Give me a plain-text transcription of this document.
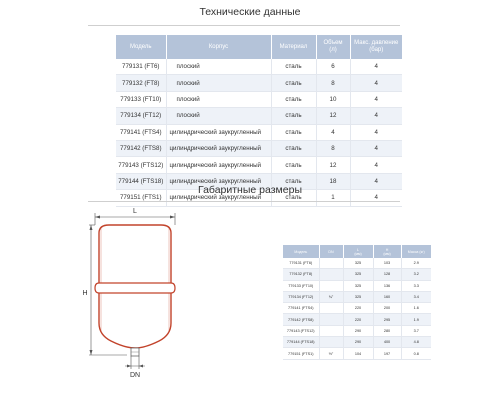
Технические данные
Модель	Корпус	Материал	Объем
(л)	Макс. давление
(бар)
779131 (FT6)	плоский	сталь	6	4
779132 (FT8)	плоский	сталь	8	4
779133 (FT10)	плоский	сталь	10	4
779134 (FT12)	плоский	сталь	12	4
779141 (FTS4)	цилиндрический заукругленный	сталь	4	4
779142 (FTS8)	цилиндрический заукругленный	сталь	8	4
779143 (FTS12)	цилиндрический заукругленный	сталь	12	4
779144 (FTS18)	цилиндрический заукругленный	сталь	18	4
779151 (FTS1)	цилиндрический заукругленный	сталь	1	4
Габаритные размеры
L
H
DN
Модель	DN	L
(мм)	H
(мм)	Масса (кг)
779131 (FT6)		325	103	2.9
779132 (FT8)		325	128	3.2
779133 (FT10)		325	136	3.3
779134 (FT12)	¾"	325	160	3.4
779141 (FTS4)		220	200	1.6
779142 (FTS8)		220	295	1.9
779143 (FTS12)		290	280	3.7
779144 (FTS18)		290	400	4.8
779151 (FTS1)	½"	104	197	0.8
